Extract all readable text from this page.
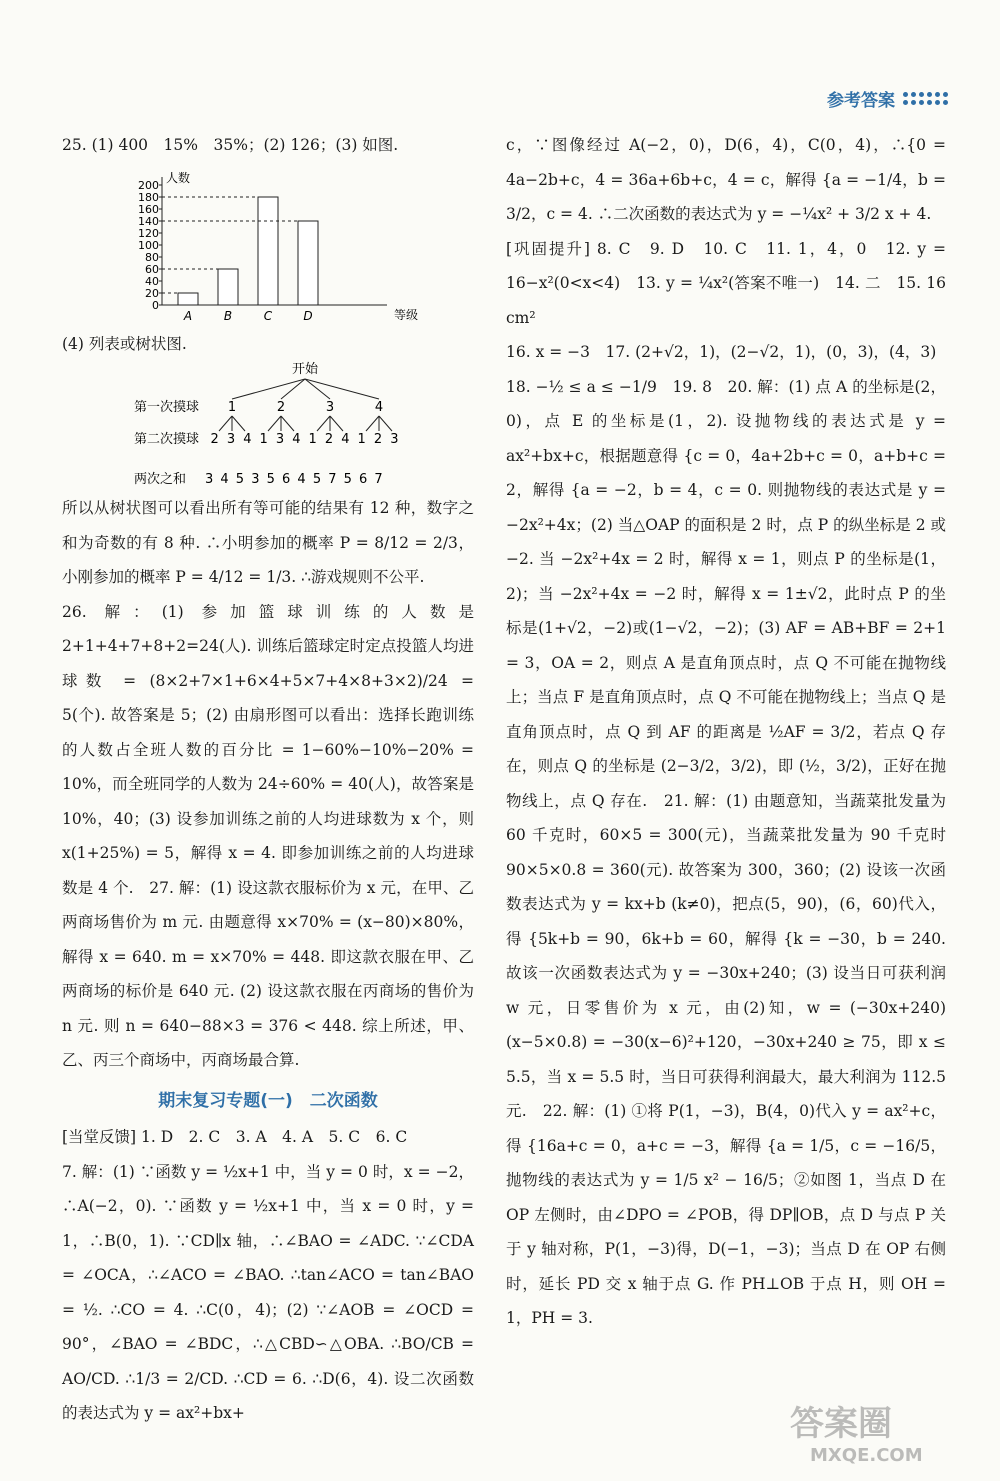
参考答案

25. (1) 400　15%　35%；(2) 126；(3) 如图.

人数
等级
200
180
160
140
120
100
80
60
40
20
0
A	B	C	D

(4) 列表或树状图.

开始
第一次摸球
第二次摸球
两次之和
1
2 3 4
2
1 3 4
3
1 2 4
4
1 2 3
3 4 5 3 5 6 4 5 7 5 6 7

所以从树状图可以看出所有等可能的结果有 12 种，数字之和为奇数的有 8 种. ∴小明参加的概率 P = 8/12 = 2/3，小刚参加的概率 P = 4/12 = 1/3. ∴游戏规则不公平.

26. 解：(1) 参加篮球训练的人数是 2+1+4+7+8+2=24(人). 训练后篮球定时定点投篮人均进球数 = (8×2+7×1+6×4+5×7+4×8+3×2)/24 = 5(个). 故答案是 5；(2) 由扇形图可以看出：选择长跑训练的人数占全班人数的百分比 = 1−60%−10%−20% = 10%，而全班同学的人数为 24÷60% = 40(人)，故答案是 10%，40；(3) 设参加训练之前的人均进球数为 x 个，则 x(1+25%) = 5，解得 x = 4. 即参加训练之前的人均进球数是 4 个.　27. 解：(1) 设这款衣服标价为 x 元，在甲、乙两商场售价为 m 元. 由题意得 x×70% = (x−80)×80%，解得 x = 640. m = x×70% = 448. 即这款衣服在甲、乙两商场的标价是 640 元. (2) 设这款衣服在丙商场的售价为 n 元. 则 n = 640−88×3 = 376 < 448. 综上所述，甲、乙、丙三个商场中，丙商场最合算.

期末复习专题(一)　二次函数

[当堂反馈] 1. D　2. C　3. A　4. A　5. C　6. C

7. 解：(1) ∵函数 y = ½x+1 中，当 y = 0 时，x = −2，∴A(−2，0). ∵函数 y = ½x+1 中，当 x = 0 时，y = 1，∴B(0，1). ∵CD∥x 轴，∴∠BAO = ∠ADC. ∵∠CDA = ∠OCA，∴∠ACO = ∠BAO. ∴tan∠ACO = tan∠BAO = ½. ∴CO = 4. ∴C(0，4)；(2) ∵∠AOB = ∠OCD = 90°，∠BAO = ∠BDC，∴△CBD∽△OBA. ∴BO/CB = AO/CD. ∴1/3 = 2/CD. ∴CD = 6. ∴D(6，4). 设二次函数的表达式为 y = ax²+bx+

c，∵图像经过 A(−2，0)，D(6，4)，C(0，4)，∴{0 = 4a−2b+c，4 = 36a+6b+c，4 = c，解得 {a = −1/4，b = 3/2，c = 4. ∴二次函数的表达式为 y = −¼x² + 3/2 x + 4.

[巩固提升] 8. C　9. D　10. C　11. 1，4，0　12. y = 16−x²(0<x<4)　13. y = ¼x²(答案不唯一)　14. 二　15. 16 cm²

16. x = −3　17. (2+√2，1)，(2−√2，1)，(0，3)，(4，3)

18. −½ ≤ a ≤ −1/9　19. 8　20. 解：(1) 点 A 的坐标是(2，0)，点 E 的坐标是(1，2). 设抛物线的表达式是 y = ax²+bx+c，根据题意得 {c = 0，4a+2b+c = 0，a+b+c = 2，解得 {a = −2，b = 4，c = 0. 则抛物线的表达式是 y = −2x²+4x；(2) 当△OAP 的面积是 2 时，点 P 的纵坐标是 2 或 −2. 当 −2x²+4x = 2 时，解得 x = 1，则点 P 的坐标是(1，2)；当 −2x²+4x = −2 时，解得 x = 1±√2，此时点 P 的坐标是(1+√2，−2)或(1−√2，−2)；(3) AF = AB+BF = 2+1 = 3，OA = 2，则点 A 是直角顶点时，点 Q 不可能在抛物线上；当点 F 是直角顶点时，点 Q 不可能在抛物线上；当点 Q 是直角顶点时，点 Q 到 AF 的距离是 ½AF = 3/2，若点 Q 存在，则点 Q 的坐标是 (2−3/2，3/2)，即 (½，3/2)，正好在抛物线上，点 Q 存在.　21. 解：(1) 由题意知，当蔬菜批发量为 60 千克时，60×5 = 300(元)，当蔬菜批发量为 90 千克时 90×5×0.8 = 360(元). 故答案为 300，360；(2) 设该一次函数表达式为 y = kx+b (k≠0)，把点(5，90)，(6，60)代入，得 {5k+b = 90，6k+b = 60，解得 {k = −30，b = 240. 故该一次函数表达式为 y = −30x+240；(3) 设当日可获利润 w 元，日零售价为 x 元，由(2)知，w = (−30x+240)(x−5×0.8) = −30(x−6)²+120，−30x+240 ≥ 75，即 x ≤ 5.5，当 x = 5.5 时，当日可获得利润最大，最大利润为 112.5 元.　22. 解：(1) ①将 P(1，−3)，B(4，0)代入 y = ax²+c，得 {16a+c = 0，a+c = −3，解得 {a = 1/5，c = −16/5，抛物线的表达式为 y = 1/5 x² − 16/5；②如图 1，当点 D 在 OP 左侧时，由∠DPO = ∠POB，得 DP∥OB，点 D 与点 P 关于 y 轴对称，P(1，−3)得，D(−1，−3)；当点 D 在 OP 右侧时，延长 PD 交 x 轴于点 G. 作 PH⊥OB 于点 H，则 OH = 1，PH = 3.

答案圈
MXQE.COM
